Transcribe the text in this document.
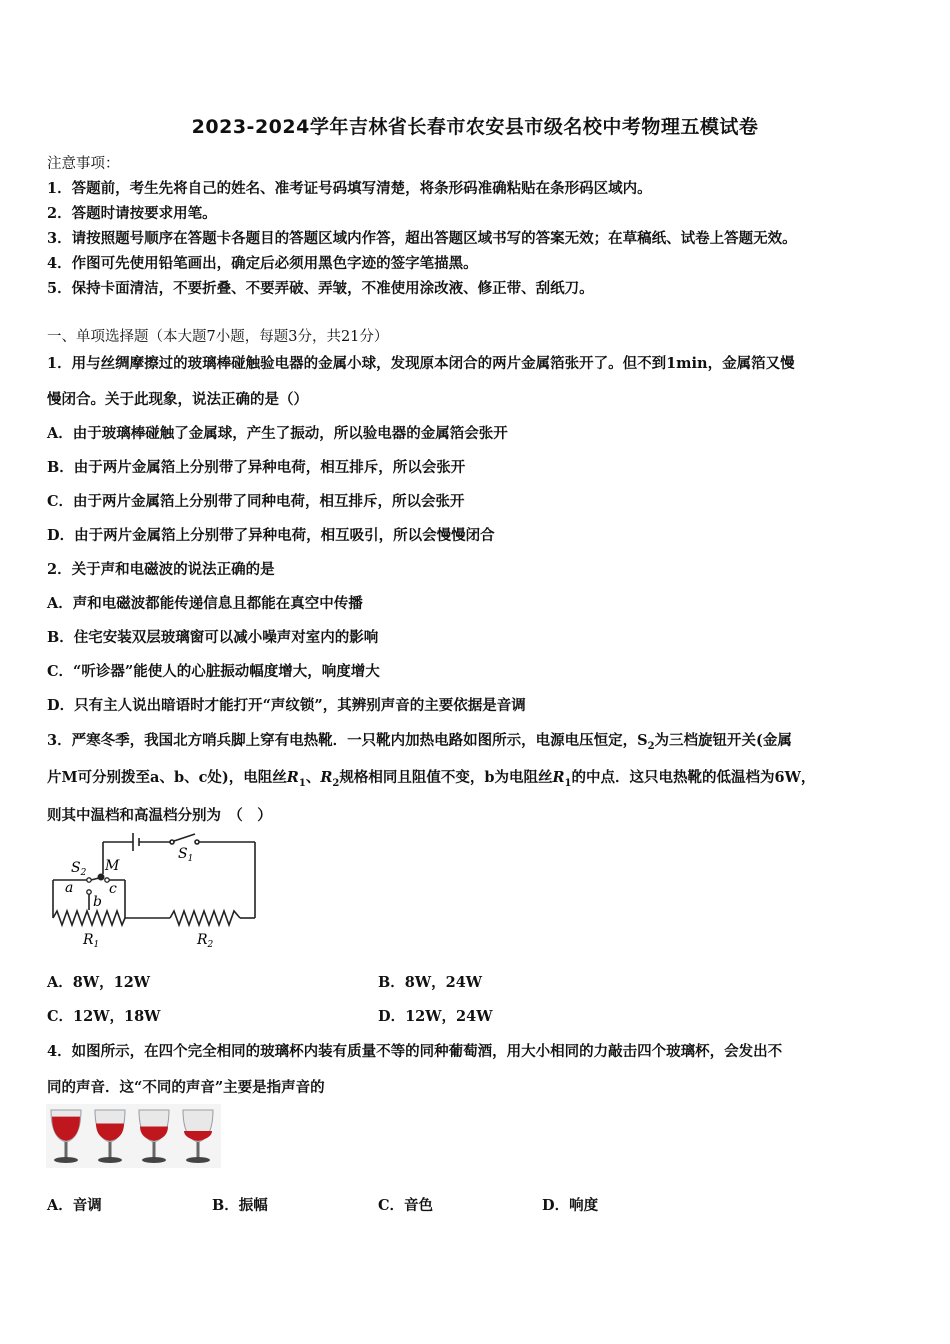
2023-2024学年吉林省长春市农安县市级名校中考物理五模试卷
注意事项：
1．答题前，考生先将自己的姓名、准考证号码填写清楚，将条形码准确粘贴在条形码区域内。
2．答题时请按要求用笔。
3．请按照题号顺序在答题卡各题目的答题区域内作答，超出答题区域书写的答案无效；在草稿纸、试卷上答题无效。
4．作图可先使用铅笔画出，确定后必须用黑色字迹的签字笔描黑。
5．保持卡面清洁，不要折叠、不要弄破、弄皱，不准使用涂改液、修正带、刮纸刀。
一、单项选择题（本大题7小题，每题3分，共21分）
1．用与丝绸摩擦过的玻璃棒碰触验电器的金属小球，发现原本闭合的两片金属箔张开了。但不到1min，金属箔又慢
慢闭合。关于此现象，说法正确的是（）
A．由于玻璃棒碰触了金属球，产生了振动，所以验电器的金属箔会张开
B．由于两片金属箔上分别带了异种电荷，相互排斥，所以会张开
C．由于两片金属箔上分别带了同种电荷，相互排斥，所以会张开
D．由于两片金属箔上分别带了异种电荷，相互吸引，所以会慢慢闭合
2．关于声和电磁波的说法正确的是
A．声和电磁波都能传递信息且都能在真空中传播
B．住宅安装双层玻璃窗可以减小噪声对室内的影响
C．“听诊器”能使人的心脏振动幅度增大，响度增大
D．只有主人说出暗语时才能打开“声纹锁”，其辨别声音的主要依据是音调
3．严寒冬季，我国北方哨兵脚上穿有电热靴．一只靴内加热电路如图所示，电源电压恒定，$S_2$为三档旋钮开关(金属
片M可分别拨至a、b、c处)，电阻丝$R_1$、$R_2$规格相同且阻值不变，b为电阻丝$R_1$的中点．这只电热靴的低温档为6W，
则其中温档和高温档分别为　（　）
$S_1$
$S_2$ M
a
b
c
$R_1$	$R_2$
A．8W，12W	B．8W，24W
C．12W，18W	D．12W，24W
4．如图所示，在四个完全相同的玻璃杯内装有质量不等的同种葡萄酒，用大小相同的力敲击四个玻璃杯，会发出不
同的声音．这“不同的声音”主要是指声音的
A．音调	B．振幅	C．音色	D．响度
